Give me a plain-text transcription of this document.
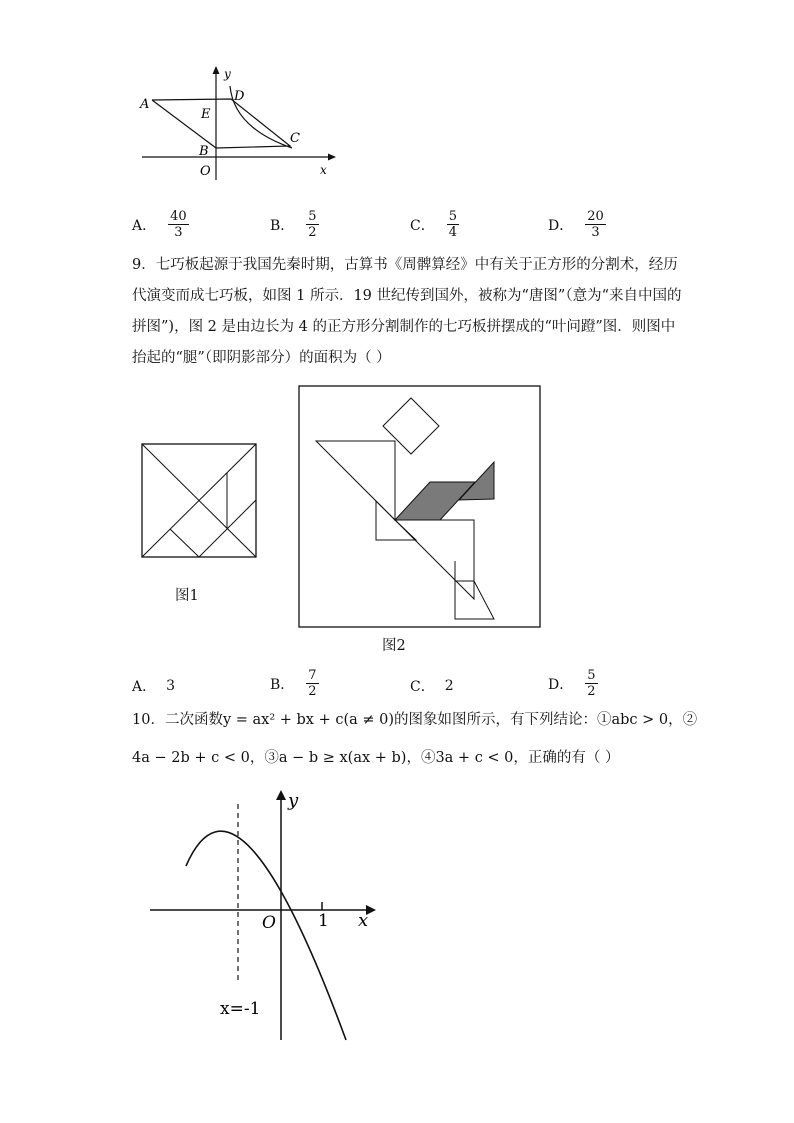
y
x
A
D
E
C
B
O
A． $\frac{40}{3}$	B． $\frac{5}{2}$	C． $\frac{5}{4}$	D． $\frac{20}{3}$
9．七巧板起源于我国先秦时期，古算书《周髀算经》中有关于正方形的分割术，经历
代演变而成七巧板，如图 1 所示．19 世纪传到国外，被称为“唐图”（意为“来自中国的
拼图”)，图 2 是由边长为 4 的正方形分割制作的七巧板拼摆成的“叶问蹬”图．则图中
抬起的“腿”（即阴影部分）的面积为（ ）
图1
图2
A． 3	B． $\frac{7}{2}$	C． 2	D． $\frac{5}{2}$
10．二次函数y = ax² + bx + c(a ≠ 0)的图象如图所示，有下列结论：①abc > 0，②
4a − 2b + c < 0，③a − b ≥ x(ax + b)，④3a + c < 0，正确的有（ ）
y
x
O 1
x=-1
